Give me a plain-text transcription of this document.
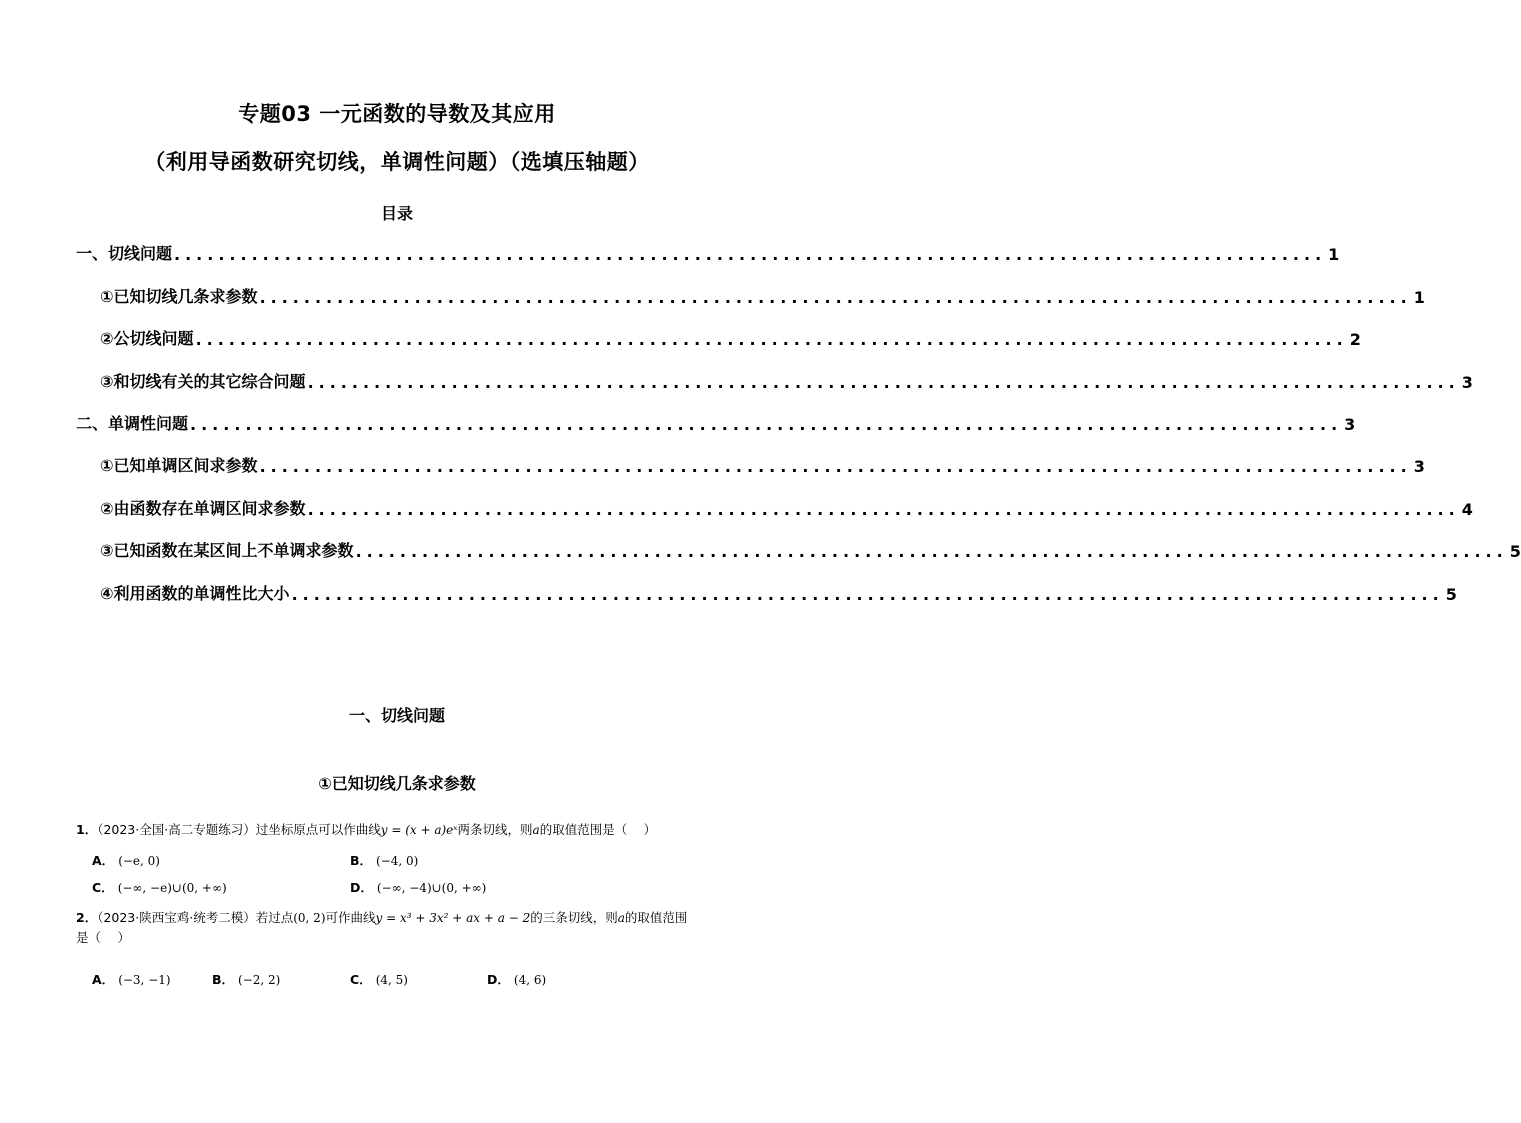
专题03 一元函数的导数及其应用
（利用导函数研究切线，单调性问题）（选填压轴题）
目录
一、切线问题 ........................................................................................................ 1
①已知切线几条求参数 ........................................................................................................ 1
②公切线问题 ........................................................................................................ 2
③和切线有关的其它综合问题 ........................................................................................................ 3
二、单调性问题 ........................................................................................................ 3
①已知单调区间求参数 ........................................................................................................ 3
②由函数存在单调区间求参数 ........................................................................................................ 4
③已知函数在某区间上不单调求参数 ........................................................................................................ 5
④利用函数的单调性比大小 ........................................................................................................ 5
一、切线问题
①已知切线几条求参数
1．（2023·全国·高二专题练习）过坐标原点可以作曲线y = (x + a)eˣ两条切线，则a的取值范围是（　 ）
A． (−e, 0)	B． (−4, 0)
C． (−∞, −e)∪(0, +∞)	D． (−∞, −4)∪(0, +∞)
2．（2023·陕西宝鸡·统考二模）若过点(0, 2)可作曲线y = x³ + 3x² + ax + a − 2的三条切线，则a的取值范围
是（　 ）
A． (−3, −1)	B． (−2, 2)	C． (4, 5)	D． (4, 6)
